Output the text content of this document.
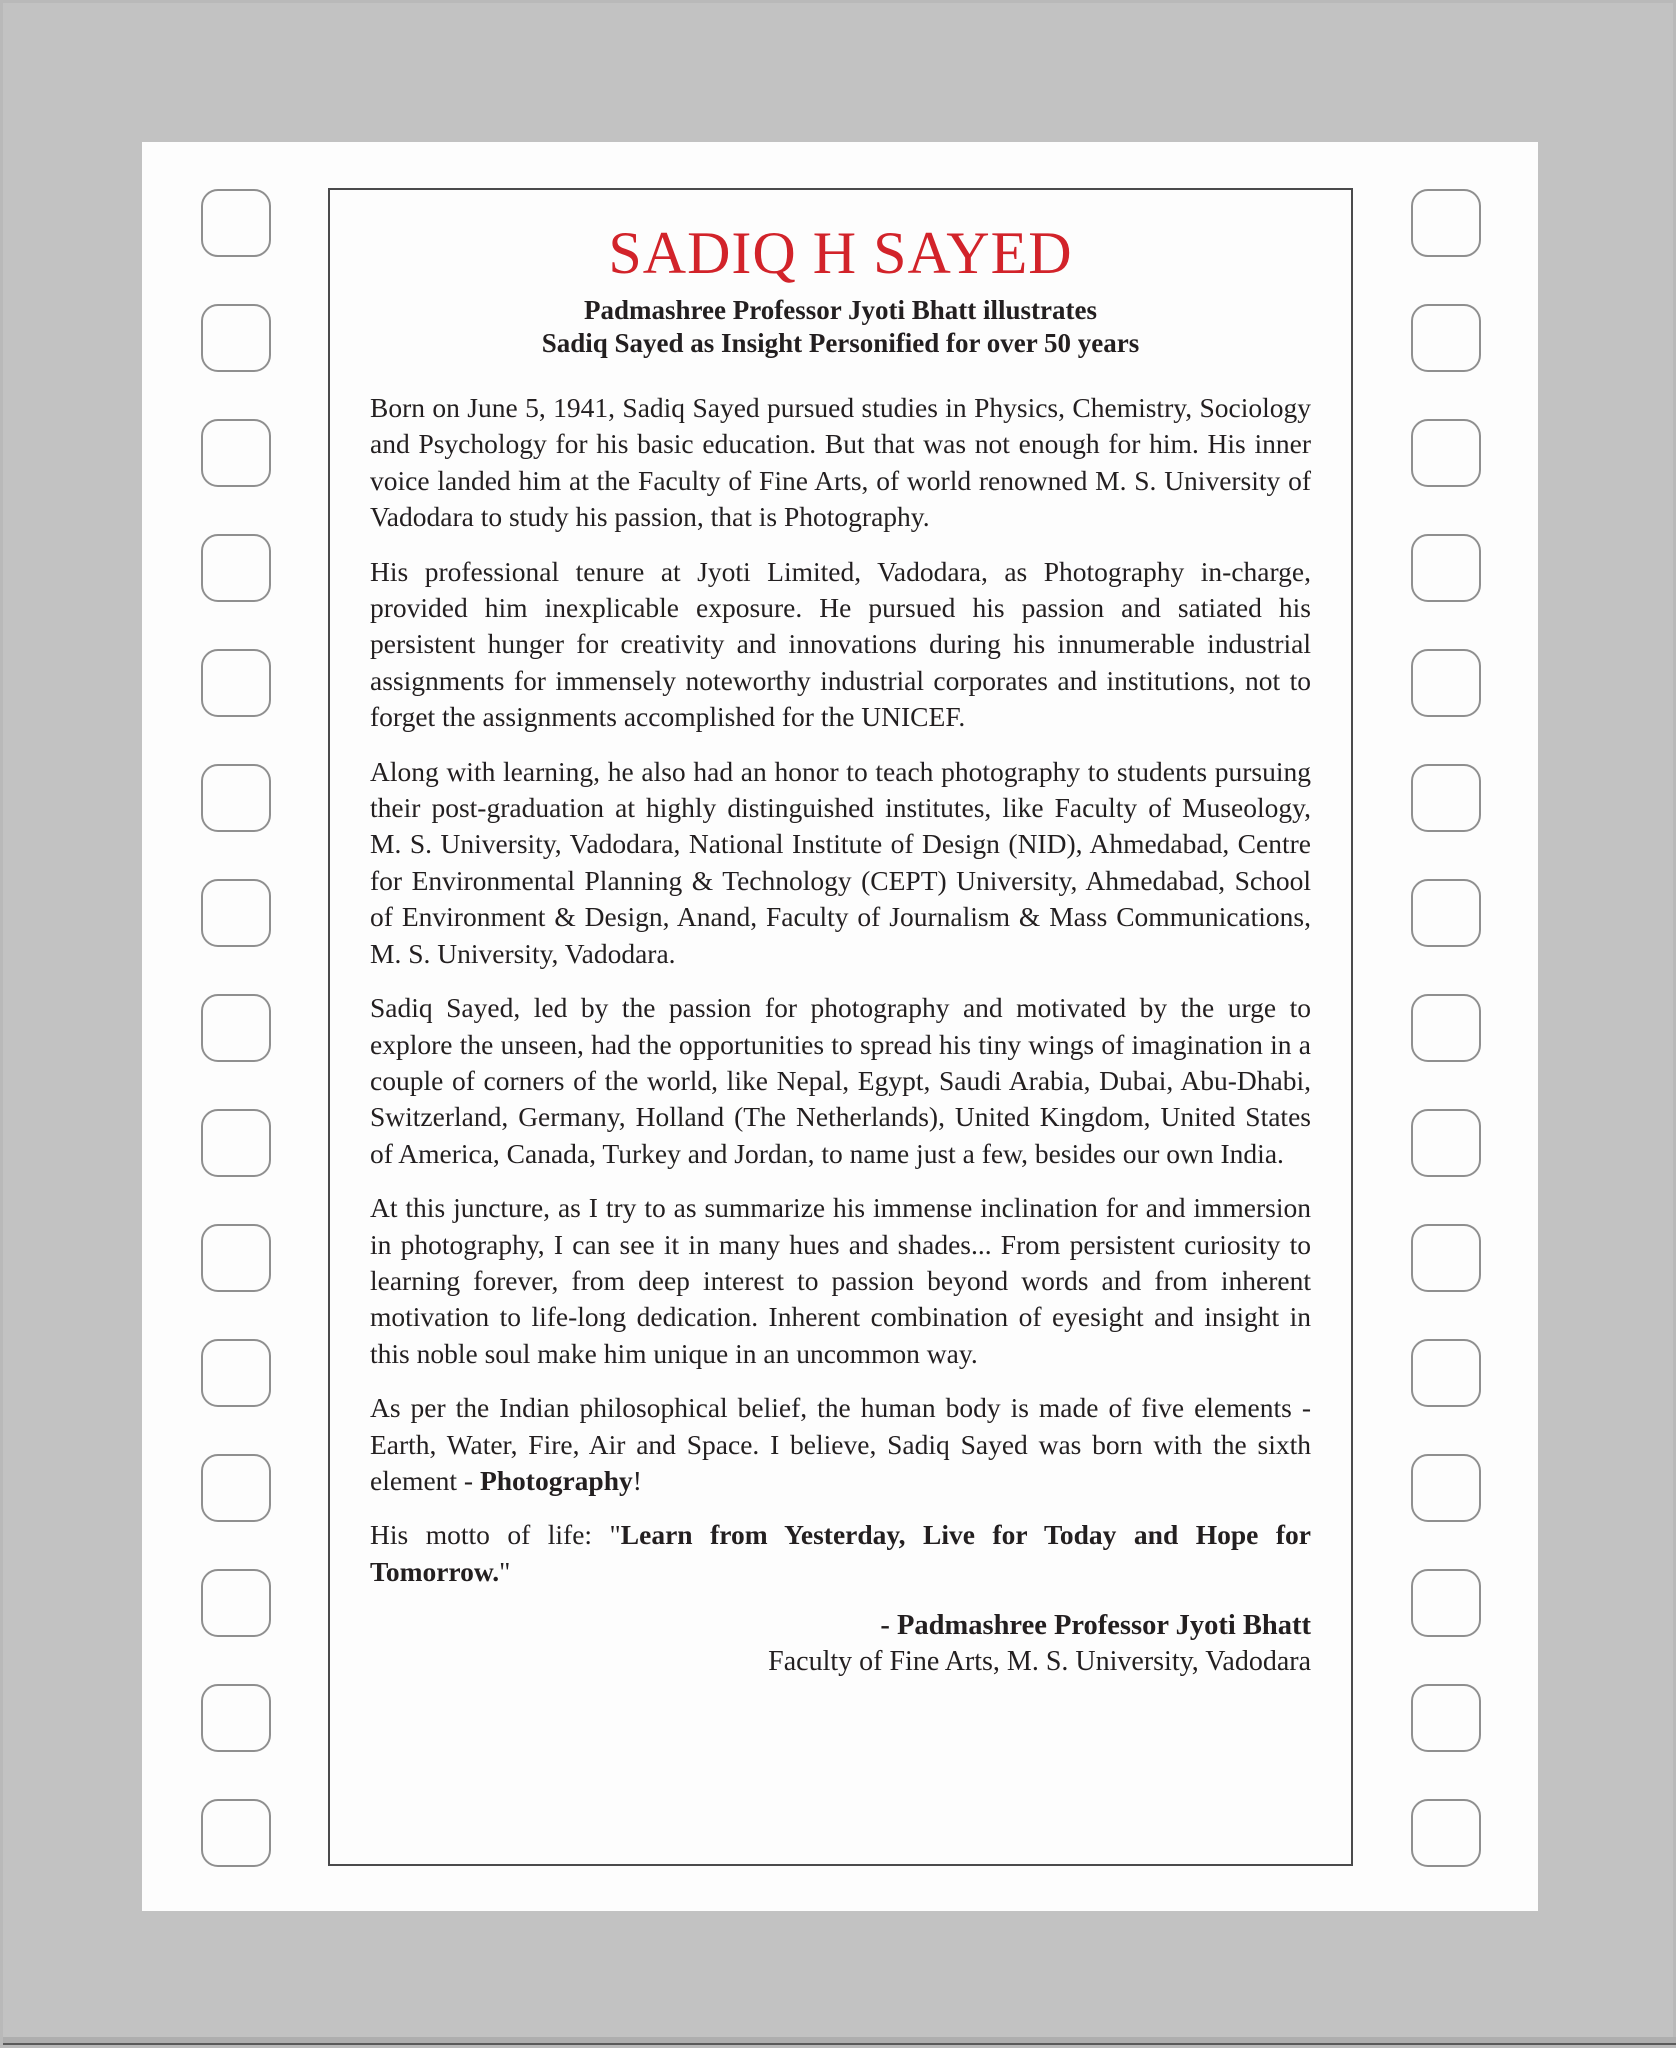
SADIQ H SAYED
Padmashree Professor Jyoti Bhatt illustrates
Sadiq Sayed as Insight Personified for over 50 years

Born on June 5, 1941, Sadiq Sayed pursued studies in Physics, Chemistry, Sociology and Psychology for his basic education. But that was not enough for him. His inner voice landed him at the Faculty of Fine Arts, of world renowned M. S. University of Vadodara to study his passion, that is Photography.

His professional tenure at Jyoti Limited, Vadodara, as Photography in-charge, provided him inexplicable exposure. He pursued his passion and satiated his persistent hunger for creativity and innovations during his innumerable industrial assignments for immensely noteworthy industrial corporates and institutions, not to forget the assignments accomplished for the UNICEF.

Along with learning, he also had an honor to teach photography to students pursuing their post-graduation at highly distinguished institutes, like Faculty of Museology, M. S. University, Vadodara, National Institute of Design (NID), Ahmedabad, Centre for Environmental Planning & Technology (CEPT) University, Ahmedabad, School of Environment & Design, Anand, Faculty of Journalism & Mass Communications, M. S. University, Vadodara.

Sadiq Sayed, led by the passion for photography and motivated by the urge to explore the unseen, had the opportunities to spread his tiny wings of imagination in a couple of corners of the world, like Nepal, Egypt, Saudi Arabia, Dubai, Abu-Dhabi, Switzerland, Germany, Holland (The Netherlands), United Kingdom, United States of America, Canada, Turkey and Jordan, to name just a few, besides our own India.

At this juncture, as I try to as summarize his immense inclination for and immersion in photography, I can see it in many hues and shades... From persistent curiosity to learning forever, from deep interest to passion beyond words and from inherent motivation to life-long dedication. Inherent combination of eyesight and insight in this noble soul make him unique in an uncommon way.

As per the Indian philosophical belief, the human body is made of five elements - Earth, Water, Fire, Air and Space. I believe, Sadiq Sayed was born with the sixth element - Photography!

His motto of life: "Learn from Yesterday, Live for Today and Hope for Tomorrow."

- Padmashree Professor Jyoti Bhatt
Faculty of Fine Arts, M. S. University, Vadodara
